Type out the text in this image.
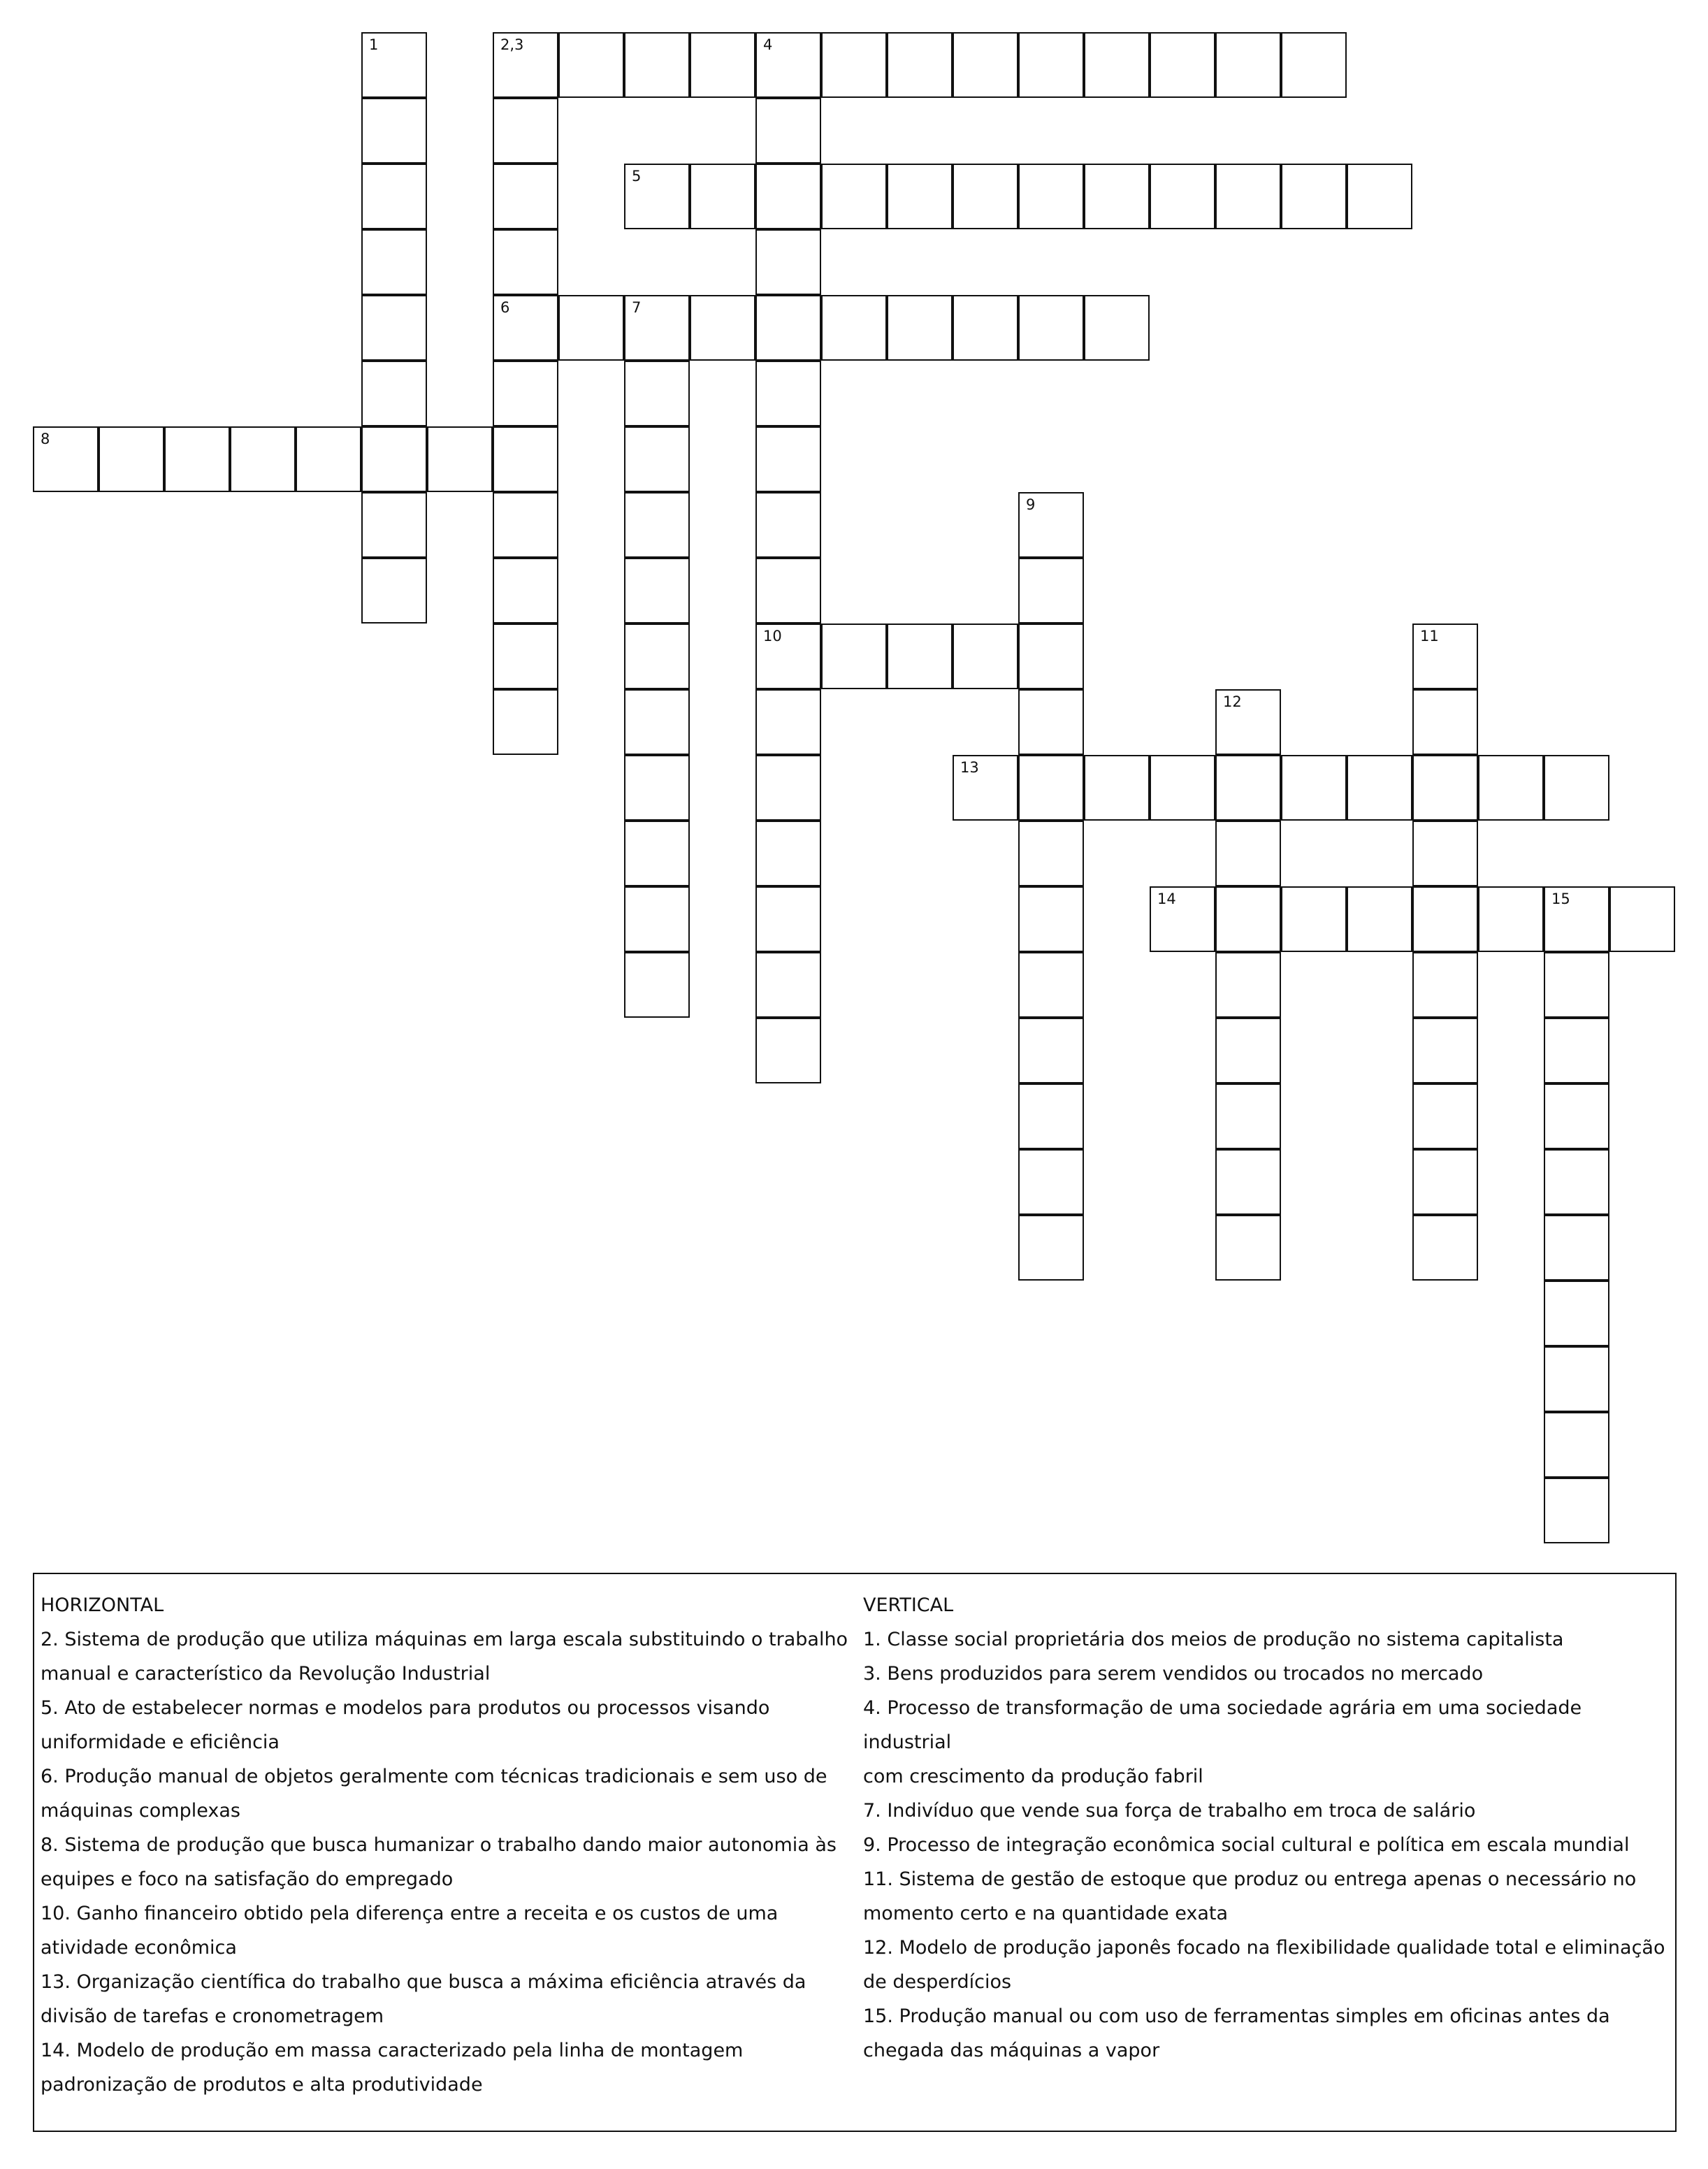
1	2,3	4
6
10
5
7
8
9
11
12
13
14	15
HORIZONTAL
2. Sistema de produção que utiliza máquinas em larga escala substituindo o trabalho
manual e característico da Revolução Industrial
5. Ato de estabelecer normas e modelos para produtos ou processos visando
uniformidade e eficiência
6. Produção manual de objetos geralmente com técnicas tradicionais e sem uso de
máquinas complexas
8. Sistema de produção que busca humanizar o trabalho dando maior autonomia às
equipes e foco na satisfação do empregado
10. Ganho financeiro obtido pela diferença entre a receita e os custos de uma
atividade econômica
13. Organização científica do trabalho que busca a máxima eficiência através da
divisão de tarefas e cronometragem
14. Modelo de produção em massa caracterizado pela linha de montagem
padronização de produtos e alta produtividade
VERTICAL
1. Classe social proprietária dos meios de produção no sistema capitalista
3. Bens produzidos para serem vendidos ou trocados no mercado
4. Processo de transformação de uma sociedade agrária em uma sociedade industrial
com crescimento da produção fabril
7. Indivíduo que vende sua força de trabalho em troca de salário
9. Processo de integração econômica social cultural e política em escala mundial
11. Sistema de gestão de estoque que produz ou entrega apenas o necessário no
momento certo e na quantidade exata
12. Modelo de produção japonês focado na flexibilidade qualidade total e eliminação
de desperdícios
15. Produção manual ou com uso de ferramentas simples em oficinas antes da
chegada das máquinas a vapor
